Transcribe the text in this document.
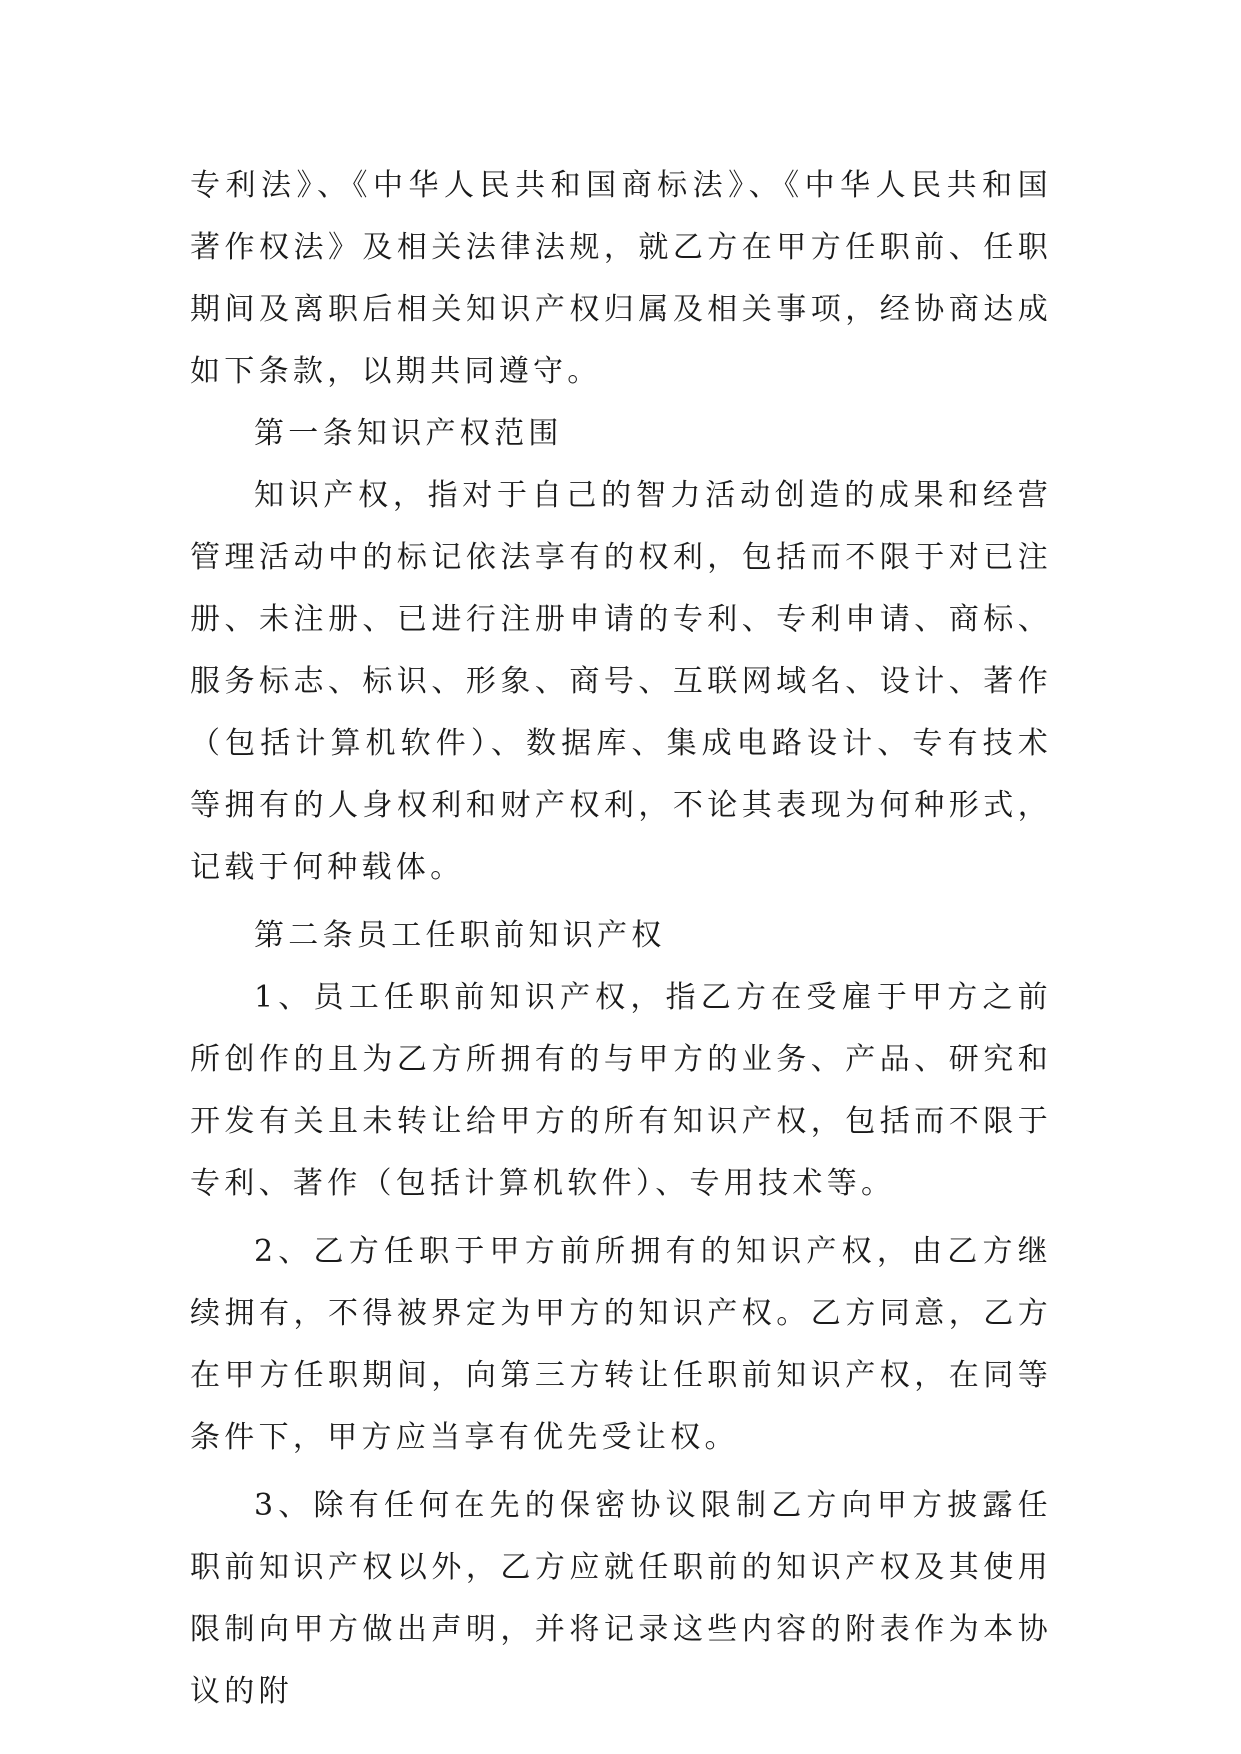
专利法》、《中华人民共和国商标法》、《中华人民共和国著作权法》及相关法律法规，就乙方在甲方任职前、任职期间及离职后相关知识产权归属及相关事项，经协商达成如下条款，以期共同遵守。

第一条知识产权范围

知识产权，指对于自己的智力活动创造的成果和经营管理活动中的标记依法享有的权利，包括而不限于对已注册、未注册、已进行注册申请的专利、专利申请、商标、服务标志、标识、形象、商号、互联网域名、设计、著作（包括计算机软件）、数据库、集成电路设计、专有技术等拥有的人身权利和财产权利，不论其表现为何种形式，记载于何种载体。

第二条员工任职前知识产权

1、员工任职前知识产权，指乙方在受雇于甲方之前所创作的且为乙方所拥有的与甲方的业务、产品、研究和开发有关且未转让给甲方的所有知识产权，包括而不限于专利、著作（包括计算机软件）、专用技术等。

2、乙方任职于甲方前所拥有的知识产权，由乙方继续拥有，不得被界定为甲方的知识产权。乙方同意，乙方在甲方任职期间，向第三方转让任职前知识产权，在同等条件下，甲方应当享有优先受让权。

3、除有任何在先的保密协议限制乙方向甲方披露任职前知识产权以外，乙方应就任职前的知识产权及其使用限制向甲方做出声明，并将记录这些内容的附表作为本协议的附
